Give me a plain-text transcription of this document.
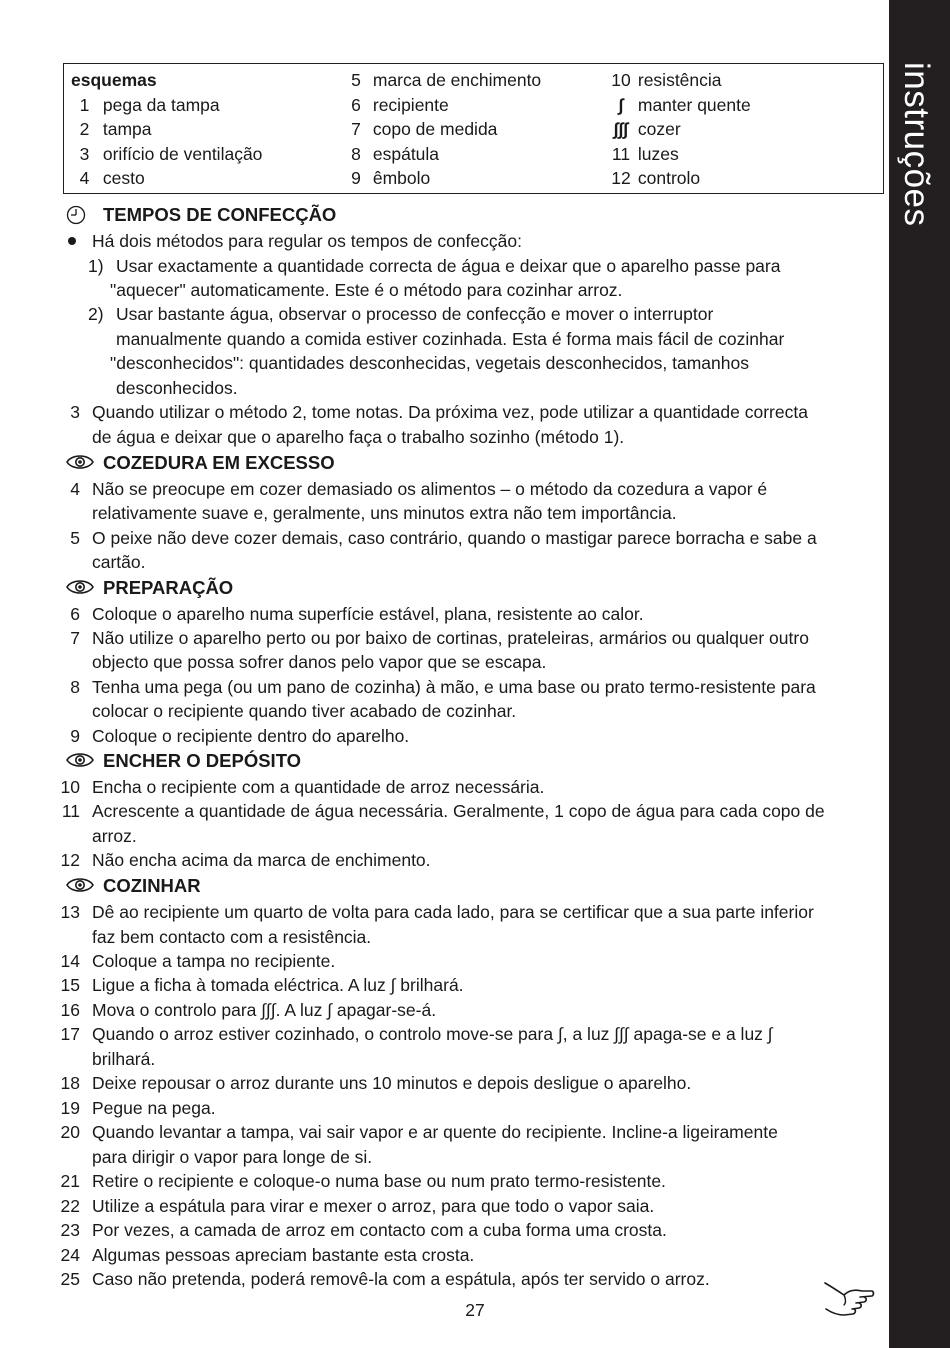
instruções
esquemas
1 pega da tampa
2 tampa
3 orifício de ventilação
4 cesto
5 marca de enchimento
6 recipiente
7 copo de medida
8 espátula
9 êmbolo
10 resistência
∫ manter quente
∫∫∫ cozer
11 luzes
12 controlo
TEMPOS DE CONFECÇÃO
Há dois métodos para regular os tempos de confecção:
1) Usar exactamente a quantidade correcta de água e deixar que o aparelho passe para
"aquecer" automaticamente. Este é o método para cozinhar arroz.
2) Usar bastante água, observar o processo de confecção e mover o interruptor
manualmente quando a comida estiver cozinhada. Esta é forma mais fácil de cozinhar
"desconhecidos": quantidades desconhecidas, vegetais desconhecidos, tamanhos
desconhecidos.
3 Quando utilizar o método 2, tome notas. Da próxima vez, pode utilizar a quantidade correcta
de água e deixar que o aparelho faça o trabalho sozinho (método 1).
COZEDURA EM EXCESSO
4 Não se preocupe em cozer demasiado os alimentos – o método da cozedura a vapor é
relativamente suave e, geralmente, uns minutos extra não tem importância.
5 O peixe não deve cozer demais, caso contrário, quando o mastigar parece borracha e sabe a
cartão.
PREPARAÇÃO
6 Coloque o aparelho numa superfície estável, plana, resistente ao calor.
7 Não utilize o aparelho perto ou por baixo de cortinas, prateleiras, armários ou qualquer outro
objecto que possa sofrer danos pelo vapor que se escapa.
8 Tenha uma pega (ou um pano de cozinha) à mão, e uma base ou prato termo-resistente para
colocar o recipiente quando tiver acabado de cozinhar.
9 Coloque o recipiente dentro do aparelho.
ENCHER O DEPÓSITO
10 Encha o recipiente com a quantidade de arroz necessária.
11 Acrescente a quantidade de água necessária. Geralmente, 1 copo de água para cada copo de
arroz.
12 Não encha acima da marca de enchimento.
COZINHAR
13 Dê ao recipiente um quarto de volta para cada lado, para se certificar que a sua parte inferior
faz bem contacto com a resistência.
14 Coloque a tampa no recipiente.
15 Ligue a ficha à tomada eléctrica. A luz ∫ brilhará.
16 Mova o controlo para ∫∫∫. A luz ∫ apagar-se-á.
17 Quando o arroz estiver cozinhado, o controlo move-se para ∫, a luz ∫∫∫ apaga-se e a luz ∫
brilhará.
18 Deixe repousar o arroz durante uns 10 minutos e depois desligue o aparelho.
19 Pegue na pega.
20 Quando levantar a tampa, vai sair vapor e ar quente do recipiente. Incline-a ligeiramente
para dirigir o vapor para longe de si.
21 Retire o recipiente e coloque-o numa base ou num prato termo-resistente.
22 Utilize a espátula para virar e mexer o arroz, para que todo o vapor saia.
23 Por vezes, a camada de arroz em contacto com a cuba forma uma crosta.
24 Algumas pessoas apreciam bastante esta crosta.
25 Caso não pretenda, poderá removê-la com a espátula, após ter servido o arroz.
27
